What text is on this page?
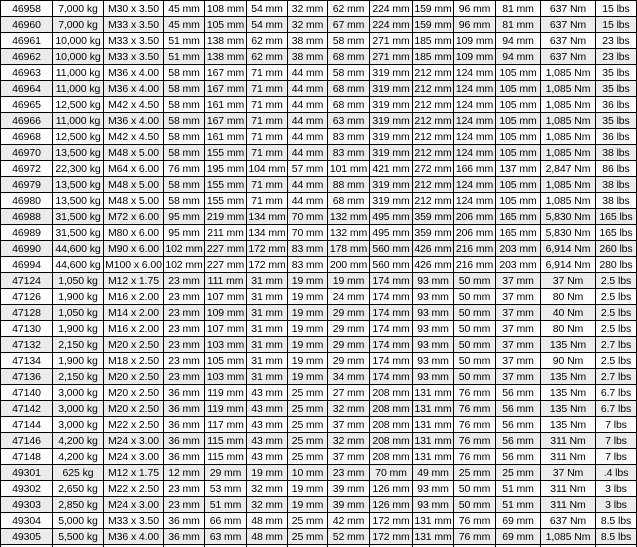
46958	7,000 kg	M30 x 3.50	45 mm	108 mm	54 mm	32 mm	62 mm	224 mm	159 mm	96 mm	81 mm	637 Nm	15 lbs
46960	7,000 kg	M33 x 3.50	45 mm	105 mm	54 mm	32 mm	67 mm	224 mm	159 mm	96 mm	81 mm	637 Nm	15 lbs
46961	10,000 kg	M33 x 3.50	51 mm	138 mm	62 mm	38 mm	58 mm	271 mm	185 mm	109 mm	94 mm	637 Nm	23 lbs
46962	10,000 kg	M33 x 3.50	51 mm	138 mm	62 mm	38 mm	68 mm	271 mm	185 mm	109 mm	94 mm	637 Nm	23 lbs
46963	11,000 kg	M36 x 4.00	58 mm	167 mm	71 mm	44 mm	58 mm	319 mm	212 mm	124 mm	105 mm	1,085 Nm	35 lbs
46964	11,000 kg	M36 x 4.00	58 mm	167 mm	71 mm	44 mm	68 mm	319 mm	212 mm	124 mm	105 mm	1,085 Nm	35 lbs
46965	12,500 kg	M42 x 4.50	58 mm	161 mm	71 mm	44 mm	68 mm	319 mm	212 mm	124 mm	105 mm	1,085 Nm	36 lbs
46966	11,000 kg	M36 x 4.00	58 mm	167 mm	71 mm	44 mm	63 mm	319 mm	212 mm	124 mm	105 mm	1,085 Nm	35 lbs
46968	12,500 kg	M42 x 4.50	58 mm	161 mm	71 mm	44 mm	83 mm	319 mm	212 mm	124 mm	105 mm	1,085 Nm	36 lbs
46970	13,500 kg	M48 x 5.00	58 mm	155 mm	71 mm	44 mm	83 mm	319 mm	212 mm	124 mm	105 mm	1,085 Nm	38 lbs
46972	22,300 kg	M64 x 6.00	76 mm	195 mm	104 mm	57 mm	101 mm	421 mm	272 mm	166 mm	137 mm	2,847 Nm	86 lbs
46979	13,500 kg	M48 x 5.00	58 mm	155 mm	71 mm	44 mm	88 mm	319 mm	212 mm	124 mm	105 mm	1,085 Nm	38 lbs
46980	13,500 kg	M48 x 5.00	58 mm	155 mm	71 mm	44 mm	68 mm	319 mm	212 mm	124 mm	105 mm	1,085 Nm	38 lbs
46988	31,500 kg	M72 x 6.00	95 mm	219 mm	134 mm	70 mm	132 mm	495 mm	359 mm	206 mm	165 mm	5,830 Nm	165 lbs
46989	31,500 kg	M80 x 6.00	95 mm	211 mm	134 mm	70 mm	132 mm	495 mm	359 mm	206 mm	165 mm	5,830 Nm	165 lbs
46990	44,600 kg	M90 x 6.00	102 mm	227 mm	172 mm	83 mm	178 mm	560 mm	426 mm	216 mm	203 mm	6,914 Nm	260 lbs
46994	44,600 kg	M100 x 6.00	102 mm	227 mm	172 mm	83 mm	200 mm	560 mm	426 mm	216 mm	203 mm	6,914 Nm	280 lbs
47124	1,050 kg	M12 x 1.75	23 mm	111 mm	31 mm	19 mm	19 mm	174 mm	93 mm	50 mm	37 mm	37 Nm	2.5 lbs
47126	1,900 kg	M16 x 2.00	23 mm	107 mm	31 mm	19 mm	24 mm	174 mm	93 mm	50 mm	37 mm	80 Nm	2.5 lbs
47128	1,050 kg	M14 x 2.00	23 mm	109 mm	31 mm	19 mm	29 mm	174 mm	93 mm	50 mm	37 mm	40 Nm	2.5 lbs
47130	1,900 kg	M16 x 2.00	23 mm	107 mm	31 mm	19 mm	29 mm	174 mm	93 mm	50 mm	37 mm	80 Nm	2.5 lbs
47132	2,150 kg	M20 x 2.50	23 mm	103 mm	31 mm	19 mm	29 mm	174 mm	93 mm	50 mm	37 mm	135 Nm	2.7 lbs
47134	1,900 kg	M18 x 2.50	23 mm	105 mm	31 mm	19 mm	29 mm	174 mm	93 mm	50 mm	37 mm	90 Nm	2.5 lbs
47136	2,150 kg	M20 x 2.50	23 mm	103 mm	31 mm	19 mm	34 mm	174 mm	93 mm	50 mm	37 mm	135 Nm	2.7 lbs
47140	3,000 kg	M20 x 2.50	36 mm	119 mm	43 mm	25 mm	27 mm	208 mm	131 mm	76 mm	56 mm	135 Nm	6.7 lbs
47142	3,000 kg	M20 x 2.50	36 mm	119 mm	43 mm	25 mm	32 mm	208 mm	131 mm	76 mm	56 mm	135 Nm	6.7 lbs
47144	3,000 kg	M22 x 2.50	36 mm	117 mm	43 mm	25 mm	37 mm	208 mm	131 mm	76 mm	56 mm	135 Nm	7 lbs
47146	4,200 kg	M24 x 3.00	36 mm	115 mm	43 mm	25 mm	32 mm	208 mm	131 mm	76 mm	56 mm	311 Nm	7 lbs
47148	4,200 kg	M24 x 3.00	36 mm	115 mm	43 mm	25 mm	37 mm	208 mm	131 mm	76 mm	56 mm	311 Nm	7 lbs
49301	625 kg	M12 x 1.75	12 mm	29 mm	19 mm	10 mm	23 mm	70 mm	49 mm	25 mm	25 mm	37 Nm	.4 lbs
49302	2,650 kg	M22 x 2.50	23 mm	53 mm	32 mm	19 mm	39 mm	126 mm	93 mm	50 mm	51 mm	311 Nm	3 lbs
49303	2,850 kg	M24 x 3.00	23 mm	51 mm	32 mm	19 mm	39 mm	126 mm	93 mm	50 mm	51 mm	311 Nm	3 lbs
49304	5,000 kg	M33 x 3.50	36 mm	66 mm	48 mm	25 mm	42 mm	172 mm	131 mm	76 mm	69 mm	637 Nm	8.5 lbs
49305	5,500 kg	M36 x 4.00	36 mm	63 mm	48 mm	25 mm	52 mm	172 mm	131 mm	76 mm	69 mm	1,085 Nm	8.5 lbs
